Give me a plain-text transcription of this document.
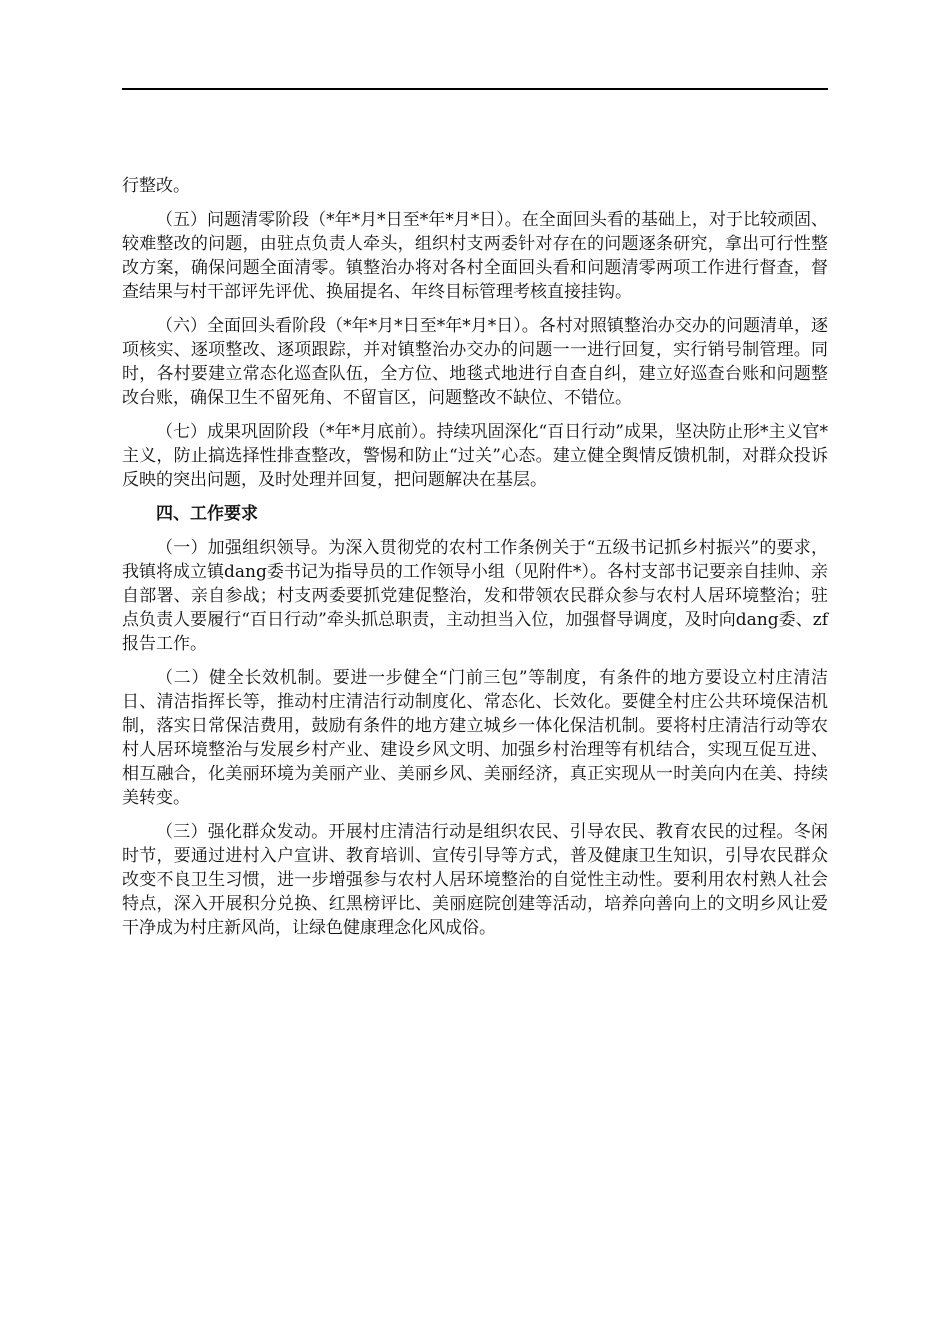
行整改。

（五）问题清零阶段（*年*月*日至*年*月*日）。在全面回头看的基础上，对于比较顽固、较难整改的问题，由驻点负责人牵头，组织村支两委针对存在的问题逐条研究，拿出可行性整改方案，确保问题全面清零。镇整治办将对各村全面回头看和问题清零两项工作进行督查，督查结果与村干部评先评优、换届提名、年终目标管理考核直接挂钩。

（六）全面回头看阶段（*年*月*日至*年*月*日）。各村对照镇整治办交办的问题清单，逐项核实、逐项整改、逐项跟踪，并对镇整治办交办的问题一一进行回复，实行销号制管理。同时，各村要建立常态化巡查队伍，全方位、地毯式地进行自查自纠，建立好巡查台账和问题整改台账，确保卫生不留死角、不留盲区，问题整改不缺位、不错位。

（七）成果巩固阶段（*年*月底前）。持续巩固深化“百日行动”成果，坚决防止形*主义官*主义，防止搞选择性排查整改，警惕和防止“过关”心态。建立健全舆情反馈机制，对群众投诉反映的突出问题，及时处理并回复，把问题解决在基层。

四、工作要求

（一）加强组织领导。为深入贯彻党的农村工作条例关于“五级书记抓乡村振兴”的要求，我镇将成立镇dang委书记为指导员的工作领导小组（见附件*）。各村支部书记要亲自挂帅、亲自部署、亲自参战；村支两委要抓党建促整治，发和带领农民群众参与农村人居环境整治；驻点负责人要履行“百日行动”牵头抓总职责，主动担当入位，加强督导调度，及时向dang委、zf报告工作。

（二）健全长效机制。要进一步健全“门前三包”等制度，有条件的地方要设立村庄清洁日、清洁指挥长等，推动村庄清洁行动制度化、常态化、长效化。要健全村庄公共环境保洁机制，落实日常保洁费用，鼓励有条件的地方建立城乡一体化保洁机制。要将村庄清洁行动等农村人居环境整治与发展乡村产业、建设乡风文明、加强乡村治理等有机结合，实现互促互进、相互融合，化美丽环境为美丽产业、美丽乡风、美丽经济，真正实现从一时美向内在美、持续美转变。

（三）强化群众发动。开展村庄清洁行动是组织农民、引导农民、教育农民的过程。冬闲时节，要通过进村入户宣讲、教育培训、宣传引导等方式，普及健康卫生知识，引导农民群众改变不良卫生习惯，进一步增强参与农村人居环境整治的自觉性主动性。要利用农村熟人社会特点，深入开展积分兑换、红黑榜评比、美丽庭院创建等活动，培养向善向上的文明乡风让爱干净成为村庄新风尚，让绿色健康理念化风成俗。
